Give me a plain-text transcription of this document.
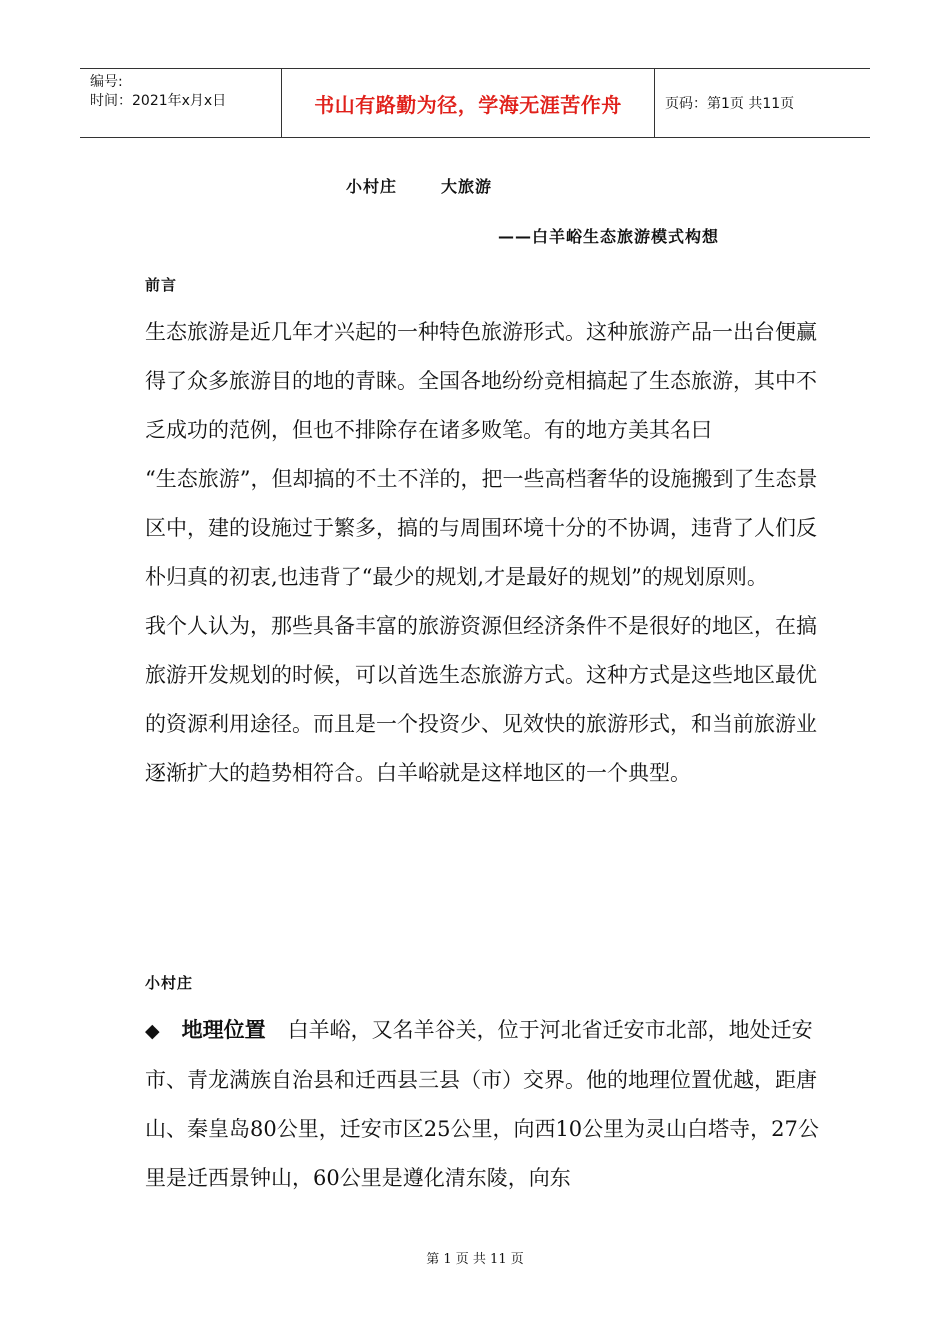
编号:
时间：2021年x月x日	书山有路勤为径，学海无涯苦作舟	页码：第1页 共11页
小村庄	大旅游
——白羊峪生态旅游模式构想
前言

生态旅游是近几年才兴起的一种特色旅游形式。这种旅游产品一出台便赢得了众多旅游目的地的青睐。全国各地纷纷竞相搞起了生态旅游，其中不乏成功的范例，但也不排除存在诸多败笔。有的地方美其名曰

“生态旅游”，但却搞的不土不洋的，把一些高档奢华的设施搬到了生态景区中，建的设施过于繁多，搞的与周围环境十分的不协调，违背了人们反朴归真的初衷,也违背了“最少的规划,才是最好的规划”的规划原则。

我个人认为，那些具备丰富的旅游资源但经济条件不是很好的地区，在搞旅游开发规划的时候，可以首选生态旅游方式。这种方式是这些地区最优的资源利用途径。而且是一个投资少、见效快的旅游形式，和当前旅游业逐渐扩大的趋势相符合。白羊峪就是这样地区的一个典型。

小村庄

◆ 地理位置 白羊峪，又名羊谷关，位于河北省迁安市北部，地处迁安市、青龙满族自治县和迁西县三县（市）交界。他的地理位置优越，距唐山、秦皇岛80公里，迁安市区25公里，向西10公里为灵山白塔寺，27公里是迁西景钟山，60公里是遵化清东陵，向东

第 1 页 共 11 页
